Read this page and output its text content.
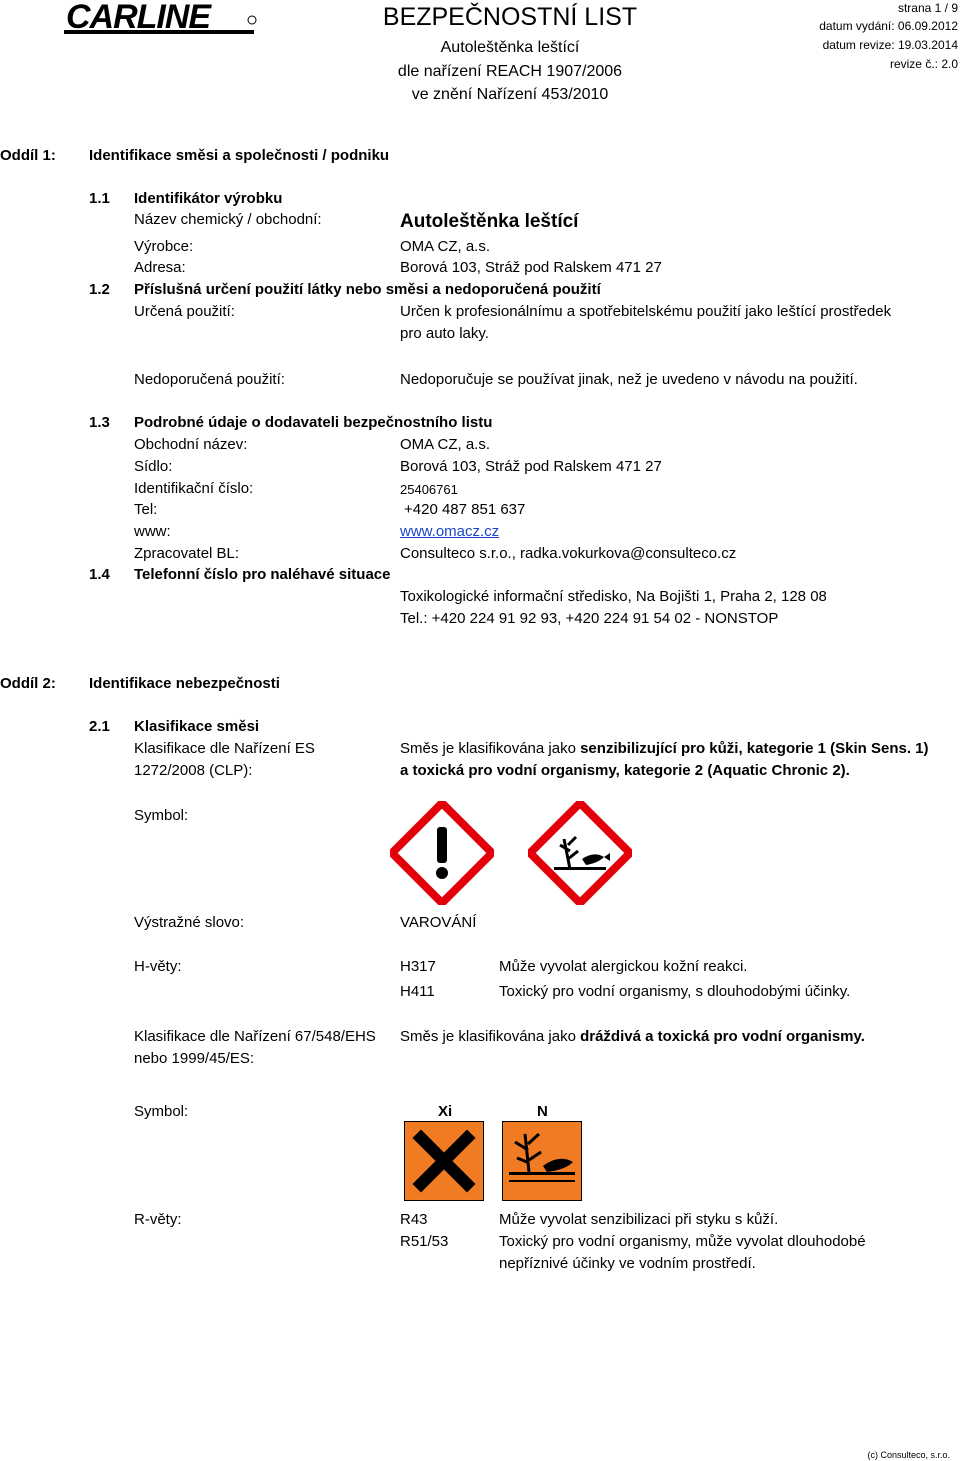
CARLINE	BEZPEČNOSTNÍ LIST
Autoleštěnka leštící
dle nařízení REACH 1907/2006
ve znění Nařízení 453/2010
strana 1 / 9
datum vydání: 06.09.2012
datum revize: 19.03.2014
revize č.: 2.0
Oddíl 1: Identifikace směsi a společnosti / podniku
1.1 Identifikátor výrobku
Název chemický / obchodní:	Autoleštěnka leštící
Výrobce:	OMA CZ, a.s.
Adresa:	Borová 103, Stráž pod Ralskem 471 27
1.2 Příslušná určení použití látky nebo směsi a nedoporučená použití
Určená použití:	Určen k profesionálnímu a spotřebitelskému použití jako leštící prostředek
pro auto laky.
Nedoporučená použití:	Nedoporučuje se používat jinak, než je uvedeno v návodu na použití.
1.3 Podrobné údaje o dodavateli bezpečnostního listu
Obchodní název:	OMA CZ, a.s.
Sídlo:	Borová 103, Stráž pod Ralskem 471 27
Identifikační číslo:	25406761
Tel:	+420 487 851 637
www:	www.omacz.cz
Zpracovatel BL:	Consulteco s.r.o., radka.vokurkova@consulteco.cz
1.4 Telefonní číslo pro naléhavé situace
Toxikologické informační středisko, Na Bojišti 1, Praha 2, 128 08
Tel.: +420 224 91 92 93, +420 224 91 54 02 - NONSTOP
Oddíl 2: Identifikace nebezpečnosti
2.1 Klasifikace směsi
Klasifikace dle Nařízení ES
1272/2008 (CLP):
Směs je klasifikována jako senzibilizující pro kůži, kategorie 1 (Skin Sens. 1)
a toxická pro vodní organismy, kategorie 2 (Aquatic Chronic 2).
Symbol:
Výstražné slovo:	VAROVÁNÍ
H-věty:	H317	Může vyvolat alergickou kožní reakci.
H411	Toxický pro vodní organismy, s dlouhodobými účinky.
Klasifikace dle Nařízení 67/548/EHS
nebo 1999/45/ES:
Směs je klasifikována jako dráždivá a toxická pro vodní organismy.
Symbol:	Xi	N
R-věty:	R43	Může vyvolat senzibilizaci při styku s kůží.
R51/53	Toxický pro vodní organismy, může vyvolat dlouhodobé
nepříznivé účinky ve vodním prostředí.
(c) Consulteco, s.r.o.
